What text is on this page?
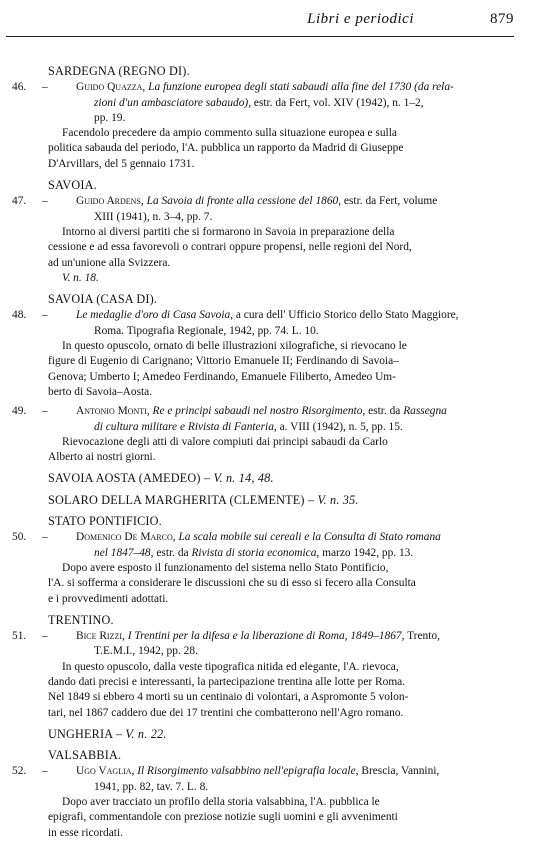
Libri e periodici	879
SARDEGNA (REGNO DI).
46. –	Guido Quazza, La funzione europea degli stati sabaudi alla fine del 1730 (da rela-
zioni d'un ambasciatore sabaudo), estr. da Fert, vol. XIV (1942), n. 1–2,
pp. 19.
Facendolo precedere da ampio commento sulla situazione europea e sulla
politica sabauda del periodo, l'A. pubblica un rapporto da Madrid di Giuseppe
D'Arvillars, del 5 gennaio 1731.
SAVOIA.
47. –	Guido Ardens, La Savoia di fronte alla cessione del 1860, estr. da Fert, volume
XIII (1941), n. 3–4, pp. 7.
Intorno ai diversi partiti che si formarono in Savoia in preparazione della
cessione e ad essa favorevoli o contrari oppure propensi, nelle regioni del Nord,
ad un'unione alla Svizzera.
V. n. 18.
SAVOIA (CASA DI).
48. –	Le medaglie d'oro di Casa Savoia, a cura dell' Ufficio Storico dello Stato Maggiore,
Roma. Tipografia Regionale, 1942, pp. 74. L. 10.
In questo opuscolo, ornato di belle illustrazioni xilografiche, si rievocano le
figure di Eugenio di Carignano; Vittorio Emanuele II; Ferdinando di Savoia–
Genova; Umberto I; Amedeo Ferdinando, Emanuele Filiberto, Amedeo Um-
berto di Savoia–Aosta.
49. –	Antonio Monti, Re e principi sabaudi nel nostro Risorgimento, estr. da Rassegna
di cultura militare e Rivista di Fanteria, a. VIII (1942), n. 5, pp. 15.
Rievocazione degli atti di valore compiuti dai principi sabaudi da Carlo
Alberto ai nostri giorni.
SAVOIA AOSTA (AMEDEO) – V. n. 14, 48.
SOLARO DELLA MARGHERITA (CLEMENTE) – V. n. 35.
STATO PONTIFICIO.
50. –	Domenico De Marco, La scala mobile sui cereali e la Consulta di Stato romana
nel 1847–48, estr. da Rivista di storia economica, marzo 1942, pp. 13.
Dopo avere esposto il funzionamento del sistema nello Stato Pontificio,
l'A. si sofferma a considerare le discussioni che su di esso si fecero alla Consulta
e i provvedimenti adottati.
TRENTINO.
51. –	Bice Rizzi, I Trentini per la difesa e la liberazione di Roma, 1849–1867, Trento,
T.E.M.I., 1942, pp. 28.
In questo opuscolo, dalla veste tipografica nitida ed elegante, l'A. rievoca,
dando dati precisi e interessanti, la partecipazione trentina alle lotte per Roma.
Nel 1849 si ebbero 4 morti su un centinaio di volontari, a Aspromonte 5 volon-
tari, nel 1867 caddero due dei 17 trentini che combatterono nell'Agro romano.
UNGHERIA – V. n. 22.
VALSABBIA.
52. –	Ugo Vaglia, Il Risorgimento valsabbino nell'epigrafia locale, Brescia, Vannini,
1941, pp. 82, tav. 7. L. 8.
Dopo aver tracciato un profilo della storia valsabbina, l'A. pubblica le
epigrafi, commentandole con preziose notizie sugli uomini e gli avvenimenti
in esse ricordati.
